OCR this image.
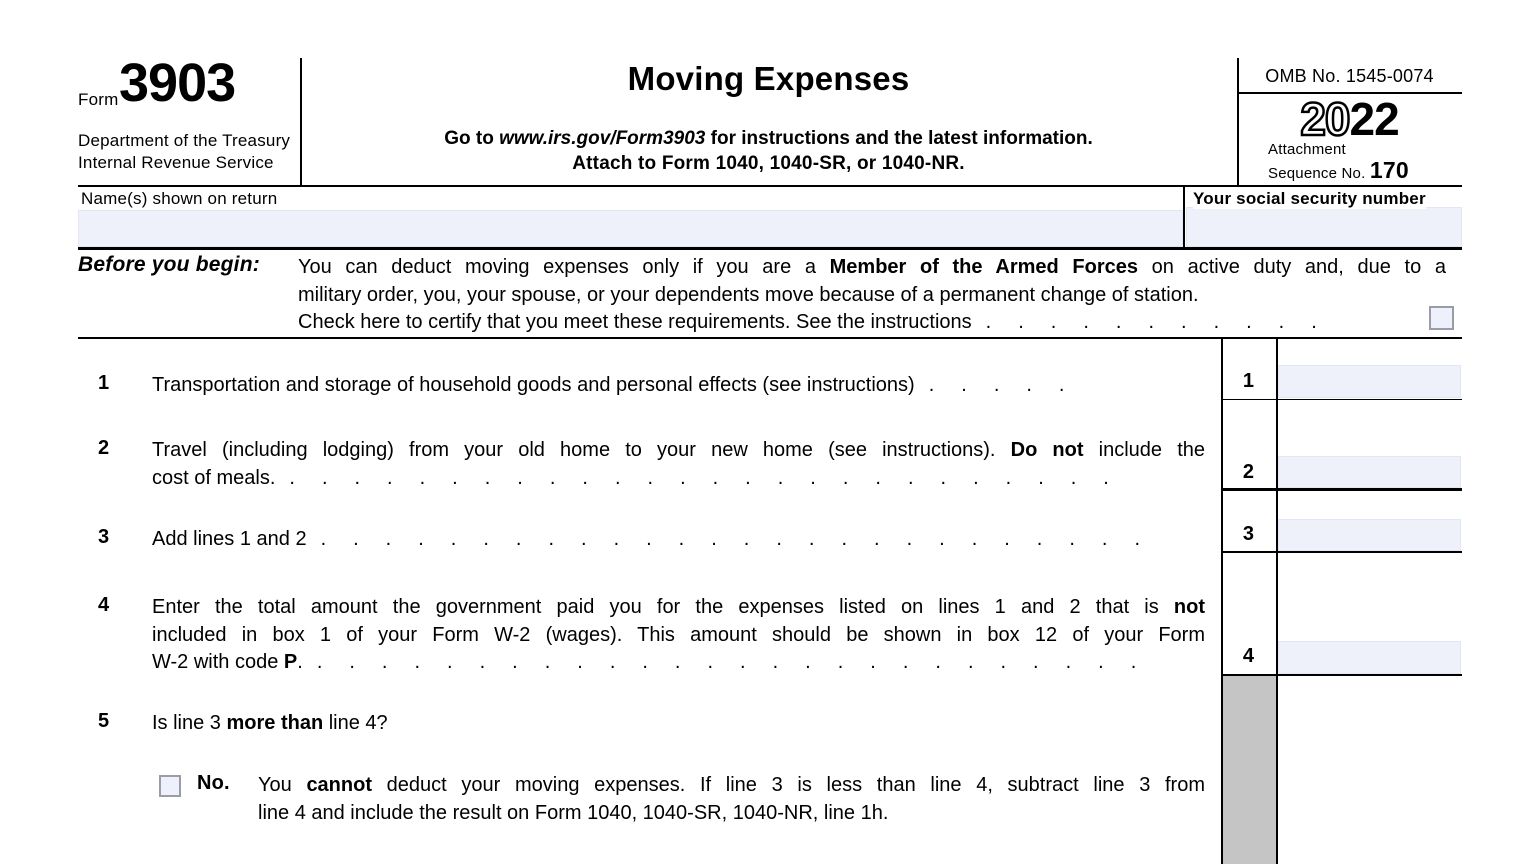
Form 3903
Department of the Treasury
Internal Revenue Service
Moving Expenses
Go to www.irs.gov/Form3903 for instructions and the latest information.
Attach to Form 1040, 1040-SR, or 1040-NR.
OMB No. 1545-0074
2022
Attachment
Sequence No. 170
Name(s) shown on return	Your social security number
Before you begin: You can deduct moving expenses only if you are a Member of the Armed Forces on active duty and, due to a
military order, you, your spouse, or your dependents move because of a permanent change of station.
Check here to certify that you meet these requirements. See the instructions ...........
1	Transportation and storage of household goods and personal effects (see instructions) .....	1
2	Travel (including lodging) from your old home to your new home (see instructions). Do not include the
cost of meals. ..........................	2
3	Add lines 1 and 2 ..........................	3
4	Enter the total amount the government paid you for the expenses listed on lines 1 and 2 that is not
included in box 1 of your Form W-2 (wages). This amount should be shown in box 12 of your Form
W-2 with code P. ..........................	4
5	Is line 3 more than line 4?
No. You cannot deduct your moving expenses. If line 3 is less than line 4, subtract line 3 from
line 4 and include the result on Form 1040, 1040-SR, 1040-NR, line 1h.
